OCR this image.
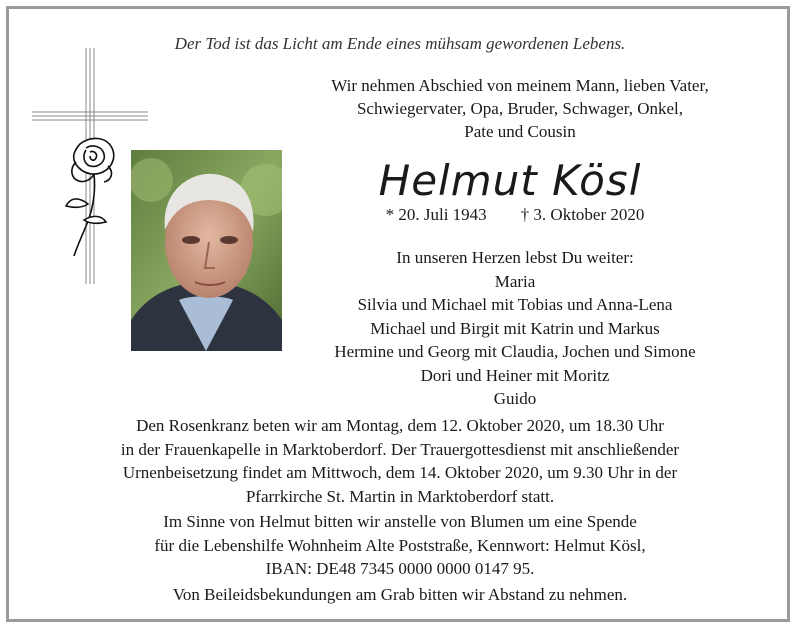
Der Tod ist das Licht am Ende eines mühsam gewordenen Lebens.
Wir nehmen Abschied von meinem Mann, lieben Vater,
Schwiegervater, Opa, Bruder, Schwager, Onkel,
Pate und Cousin
Helmut Kösl
* 20. Juli 1943 † 3. Oktober 2020
In unseren Herzen lebst Du weiter:
Maria
Silvia und Michael mit Tobias und Anna-Lena
Michael und Birgit mit Katrin und Markus
Hermine und Georg mit Claudia, Jochen und Simone
Dori und Heiner mit Moritz
Guido
Den Rosenkranz beten wir am Montag, dem 12. Oktober 2020, um 18.30 Uhr
in der Frauenkapelle in Marktoberdorf. Der Trauergottesdienst mit anschließender
Urnenbeisetzung findet am Mittwoch, dem 14. Oktober 2020, um 9.30 Uhr in der
Pfarrkirche St. Martin in Marktoberdorf statt.
Im Sinne von Helmut bitten wir anstelle von Blumen um eine Spende
für die Lebenshilfe Wohnheim Alte Poststraße, Kennwort: Helmut Kösl,
IBAN: DE48 7345 0000 0000 0147 95.
Von Beileidsbekundungen am Grab bitten wir Abstand zu nehmen.
